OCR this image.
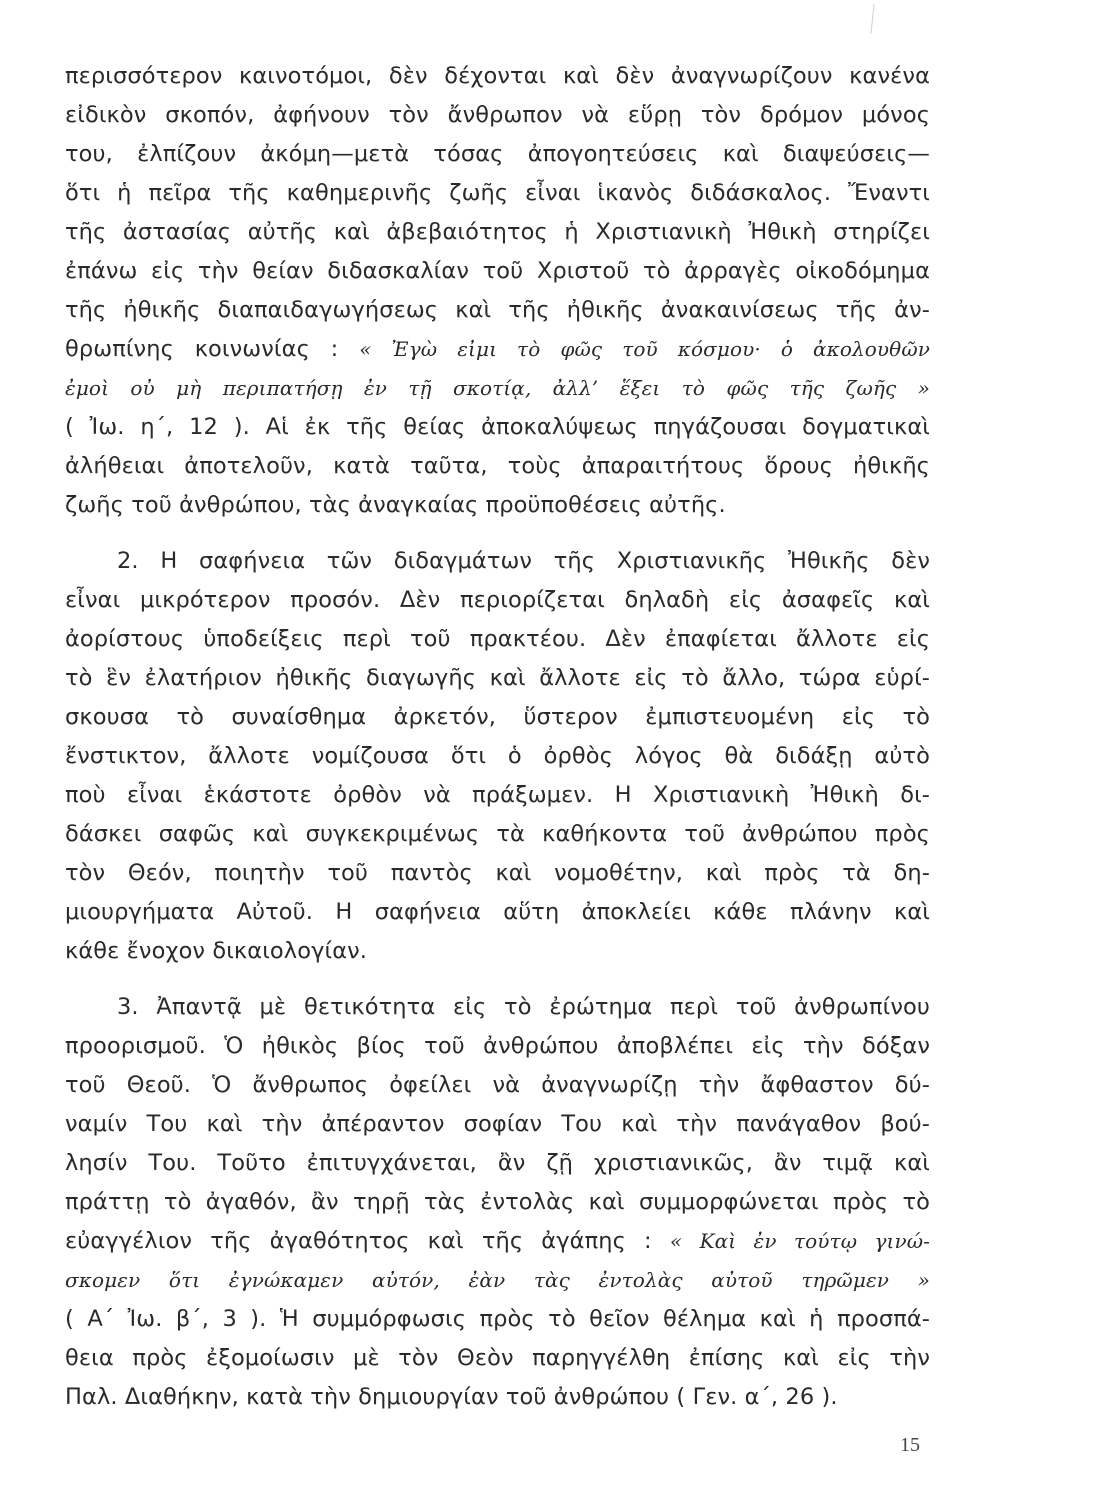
περισσότερον καινοτόμοι, δὲν δέχονται καὶ δὲν ἀναγνωρίζουν κανένα
εἰδικὸν σκοπόν, ἀφήνουν τὸν ἄνθρωπον νὰ εὕρῃ τὸν δρόμον μόνος
του, ἐλπίζουν ἀκόμη—μετὰ τόσας ἀπογοητεύσεις καὶ διαψεύσεις—
ὅτι ἡ πεῖρα τῆς καθημερινῆς ζωῆς εἶναι ἱκανὸς διδάσκαλος. Ἔναντι
τῆς ἀστασίας αὐτῆς καὶ ἀβεβαιότητος ἡ Χριστιανικὴ Ἠθικὴ στηρίζει
ἐπάνω εἰς τὴν θείαν διδασκαλίαν τοῦ Χριστοῦ τὸ ἀρραγὲς οἰκοδόμημα
τῆς ἠθικῆς διαπαιδαγωγήσεως καὶ τῆς ἠθικῆς ἀνακαινίσεως τῆς ἀν-
θρωπίνης κοινωνίας : « Ἐγὼ εἰμι τὸ φῶς τοῦ κόσμου· ὁ ἀκολουθῶν
ἐμοὶ οὐ μὴ περιπατήσῃ ἐν τῇ σκοτίᾳ, ἀλλ’ ἕξει τὸ φῶς τῆς ζωῆς »
( Ἰω. η΄, 12 ). Αἱ ἐκ τῆς θείας ἀποκαλύψεως πηγάζουσαι δογματικαὶ
ἀλήθειαι ἀποτελοῦν, κατὰ ταῦτα, τοὺς ἀπαραιτήτους ὅρους ἠθικῆς
ζωῆς τοῦ ἀνθρώπου, τὰς ἀναγκαίας προϋποθέσεις αὐτῆς.
2. Η σαφήνεια τῶν διδαγμάτων τῆς Χριστιανικῆς Ἠθικῆς δὲν
εἶναι μικρότερον προσόν. Δὲν περιορίζεται δηλαδὴ εἰς ἀσαφεῖς καὶ
ἀορίστους ὑποδείξεις περὶ τοῦ πρακτέου. Δὲν ἐπαφίεται ἄλλοτε εἰς
τὸ ἓν ἐλατήριον ἠθικῆς διαγωγῆς καὶ ἄλλοτε εἰς τὸ ἄλλο, τώρα εὑρί-
σκουσα τὸ συναίσθημα ἀρκετόν, ὕστερον ἐμπιστευομένη εἰς τὸ
ἔνστικτον, ἄλλοτε νομίζουσα ὅτι ὁ ὀρθὸς λόγος θὰ διδάξῃ αὐτὸ
ποὺ εἶναι ἑκάστοτε ὀρθὸν νὰ πράξωμεν. Η Χριστιανικὴ Ἠθικὴ δι-
δάσκει σαφῶς καὶ συγκεκριμένως τὰ καθήκοντα τοῦ ἀνθρώπου πρὸς
τὸν Θεόν, ποιητὴν τοῦ παντὸς καὶ νομοθέτην, καὶ πρὸς τὰ δη-
μιουργήματα Αὐτοῦ. Η σαφήνεια αὕτη ἀποκλείει κάθε πλάνην καὶ
κάθε ἔνοχον δικαιολογίαν.
3. Ἀπαντᾷ μὲ θετικότητα εἰς τὸ ἐρώτημα περὶ τοῦ ἀνθρωπίνου
προορισμοῦ. Ὁ ἠθικὸς βίος τοῦ ἀνθρώπου ἀποβλέπει εἰς τὴν δόξαν
τοῦ Θεοῦ. Ὁ ἄνθρωπος ὀφείλει νὰ ἀναγνωρίζῃ τὴν ἄφθαστον δύ-
ναμίν Του καὶ τὴν ἀπέραντον σοφίαν Του καὶ τὴν πανάγαθον βού-
λησίν Του. Τοῦτο ἐπιτυγχάνεται, ἂν ζῇ χριστιανικῶς, ἂν τιμᾷ καὶ
πράττῃ τὸ ἀγαθόν, ἂν τηρῇ τὰς ἐντολὰς καὶ συμμορφώνεται πρὸς τὸ
εὐαγγέλιον τῆς ἀγαθότητος καὶ τῆς ἀγάπης : « Καὶ ἐν τούτῳ γινώ-
σκομεν ὅτι ἐγνώκαμεν αὐτόν, ἐὰν τὰς ἐντολὰς αὐτοῦ τηρῶμεν »
( Α΄ Ἰω. β΄, 3 ). Ἡ συμμόρφωσις πρὸς τὸ θεῖον θέλημα καὶ ἡ προσπά-
θεια πρὸς ἐξομοίωσιν μὲ τὸν Θεὸν παρηγγέλθη ἐπίσης καὶ εἰς τὴν
Παλ. Διαθήκην, κατὰ τὴν δημιουργίαν τοῦ ἀνθρώπου ( Γεν. α΄, 26 ).
15
